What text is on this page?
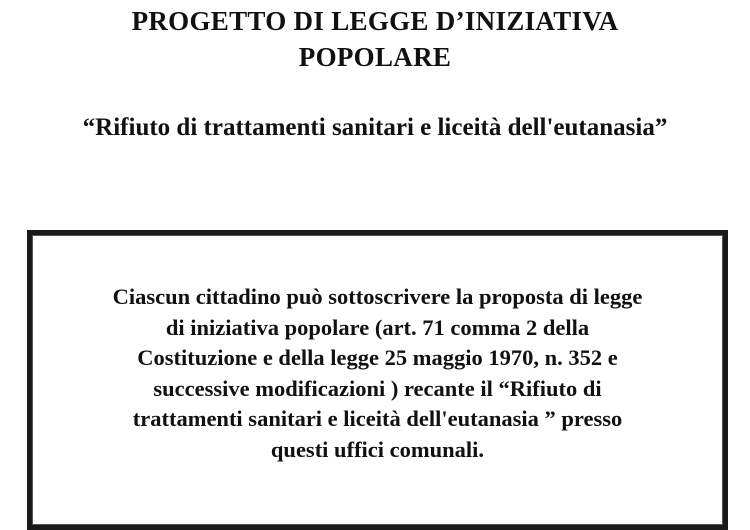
PROGETTO DI LEGGE D’INIZIATIVA
POPOLARE
“Rifiuto di trattamenti sanitari e liceità dell'eutanasia”
Ciascun cittadino può sottoscrivere la proposta di legge
di iniziativa popolare (art. 71 comma 2 della
Costituzione e della legge 25 maggio 1970, n. 352 e
successive modificazioni ) recante il “Rifiuto di
trattamenti sanitari e liceità dell'eutanasia ” presso
questi uffici comunali.
